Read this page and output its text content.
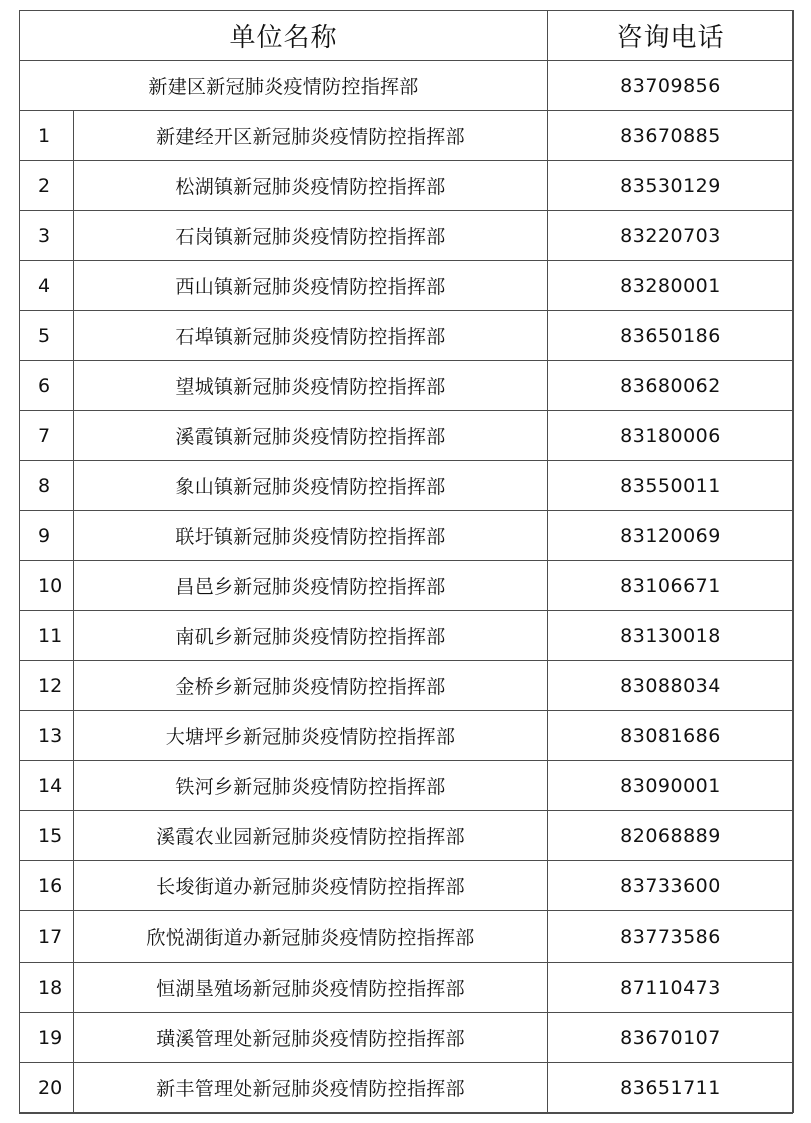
单位名称		咨询电话
新建区新冠肺炎疫情防控指挥部		83709856
1	新建经开区新冠肺炎疫情防控指挥部	83670885
2	松湖镇新冠肺炎疫情防控指挥部	83530129
3	石岗镇新冠肺炎疫情防控指挥部	83220703
4	西山镇新冠肺炎疫情防控指挥部	83280001
5	石埠镇新冠肺炎疫情防控指挥部	83650186
6	望城镇新冠肺炎疫情防控指挥部	83680062
7	溪霞镇新冠肺炎疫情防控指挥部	83180006
8	象山镇新冠肺炎疫情防控指挥部	83550011
9	联圩镇新冠肺炎疫情防控指挥部	83120069
10	昌邑乡新冠肺炎疫情防控指挥部	83106671
11	南矶乡新冠肺炎疫情防控指挥部	83130018
12	金桥乡新冠肺炎疫情防控指挥部	83088034
13	大塘坪乡新冠肺炎疫情防控指挥部	83081686
14	铁河乡新冠肺炎疫情防控指挥部	83090001
15	溪霞农业园新冠肺炎疫情防控指挥部	82068889
16	长埈街道办新冠肺炎疫情防控指挥部	83733600
17	欣悦湖街道办新冠肺炎疫情防控指挥部	83773586
18	恒湖垦殖场新冠肺炎疫情防控指挥部	87110473
19	璜溪管理处新冠肺炎疫情防控指挥部	83670107
20	新丰管理处新冠肺炎疫情防控指挥部	83651711
